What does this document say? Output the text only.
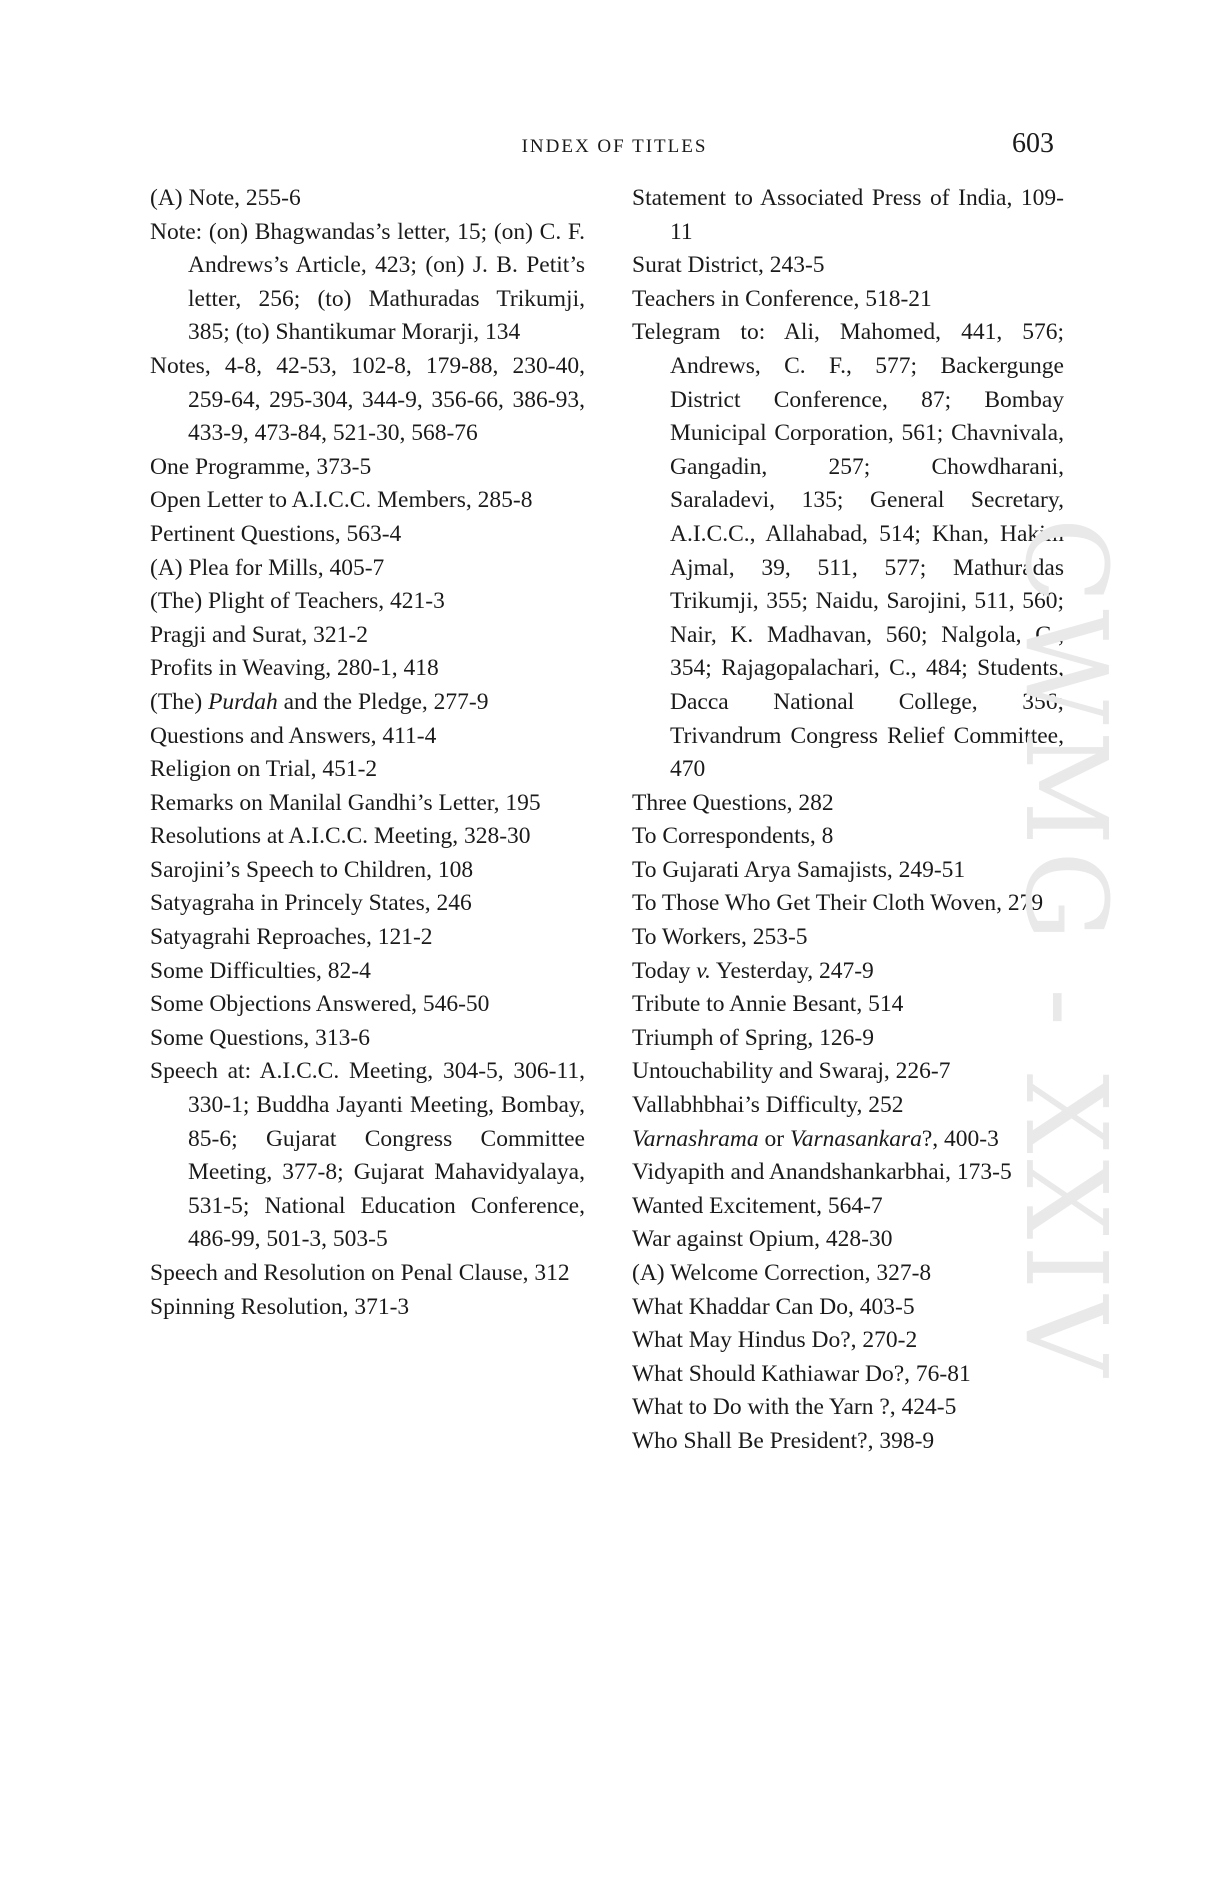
INDEX OF TITLES	603

(A) Note, 255-6

Note: (on) Bhagwandas’s letter, 15; (on) C. F. Andrews’s Article, 423; (on) J. B. Petit’s letter, 256; (to) Mathuradas Trikumji, 385; (to) Shantikumar Morarji, 134

Notes, 4-8, 42-53, 102-8, 179-88, 230-40, 259-64, 295-304, 344-9, 356-66, 386-93, 433-9, 473-84, 521-30, 568-76

One Programme, 373-5

Open Letter to A.I.C.C. Members, 285-8

Pertinent Questions, 563-4

(A) Plea for Mills, 405-7

(The) Plight of Teachers, 421-3

Pragji and Surat, 321-2

Profits in Weaving, 280-1, 418

(The) Purdah and the Pledge, 277-9

Questions and Answers, 411-4

Religion on Trial, 451-2

Remarks on Manilal Gandhi’s Letter, 195

Resolutions at A.I.C.C. Meeting, 328-30

Sarojini’s Speech to Children, 108

Satyagraha in Princely States, 246

Satyagrahi Reproaches, 121-2

Some Difficulties, 82-4

Some Objections Answered, 546-50

Some Questions, 313-6

Speech at: A.I.C.C. Meeting, 304-5, 306-11, 330-1; Buddha Jayanti Meeting, Bombay, 85-6; Gujarat Congress Committee Meeting, 377-8; Gujarat Mahavidyalaya, 531-5; National Education Conference, 486-99, 501-3, 503-5

Speech and Resolution on Penal Clause, 312

Spinning Resolution, 371-3

Statement to Associated Press of India, 109-11

Surat District, 243-5

Teachers in Conference, 518-21

Telegram to: Ali, Mahomed, 441, 576; Andrews, C. F., 577; Backergunge District Conference, 87; Bombay Municipal Corporation, 561; Chavnivala, Gangadin, 257; Chowdharani, Saraladevi, 135; General Secretary, A.I.C.C., Allahabad, 514; Khan, Hakim Ajmal, 39, 511, 577; Mathuradas Trikumji, 355; Naidu, Sarojini, 511, 560; Nair, K. Madhavan, 560; Nalgola, G., 354; Rajagopalachari, C., 484; Students, Dacca National College, 356; Trivandrum Congress Relief Committee, 470

Three Questions, 282

To Correspondents, 8

To Gujarati Arya Samajists, 249-51

To Those Who Get Their Cloth Woven, 279

To Workers, 253-5

Today v. Yesterday, 247-9

Tribute to Annie Besant, 514

Triumph of Spring, 126-9

Untouchability and Swaraj, 226-7

Vallabhbhai’s Difficulty, 252

Varnashrama or Varnasankara?, 400-3

Vidyapith and Anandshankarbhai, 173-5

Wanted Excitement, 564-7

War against Opium, 428-30

(A) Welcome Correction, 327-8

What Khaddar Can Do, 403-5

What May Hindus Do?, 270-2

What Should Kathiawar Do?, 76-81

What to Do with the Yarn ?, 424-5

Who Shall Be President?, 398-9

CWMG - XXIV
